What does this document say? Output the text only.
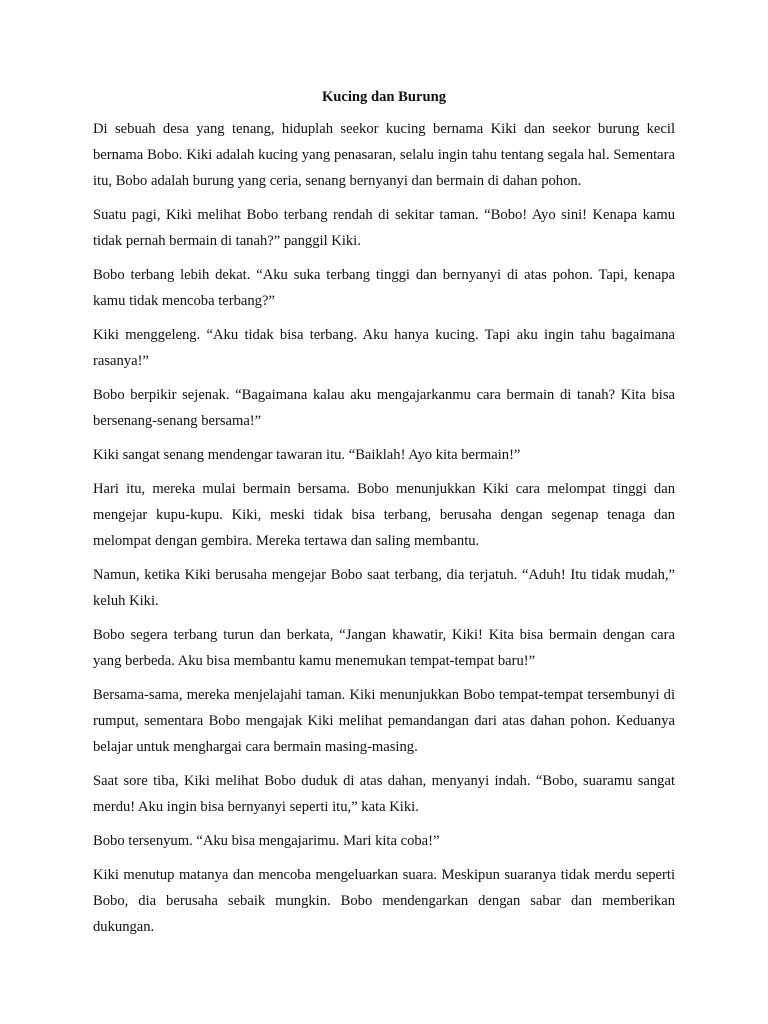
Kucing dan Burung

Di sebuah desa yang tenang, hiduplah seekor kucing bernama Kiki dan seekor burung kecil bernama Bobo. Kiki adalah kucing yang penasaran, selalu ingin tahu tentang segala hal. Sementara itu, Bobo adalah burung yang ceria, senang bernyanyi dan bermain di dahan pohon.

Suatu pagi, Kiki melihat Bobo terbang rendah di sekitar taman. “Bobo! Ayo sini! Kenapa kamu tidak pernah bermain di tanah?” panggil Kiki.

Bobo terbang lebih dekat. “Aku suka terbang tinggi dan bernyanyi di atas pohon. Tapi, kenapa kamu tidak mencoba terbang?”

Kiki menggeleng. “Aku tidak bisa terbang. Aku hanya kucing. Tapi aku ingin tahu bagaimana rasanya!”

Bobo berpikir sejenak. “Bagaimana kalau aku mengajarkanmu cara bermain di tanah? Kita bisa bersenang-senang bersama!”

Kiki sangat senang mendengar tawaran itu. “Baiklah! Ayo kita bermain!”

Hari itu, mereka mulai bermain bersama. Bobo menunjukkan Kiki cara melompat tinggi dan mengejar kupu-kupu. Kiki, meski tidak bisa terbang, berusaha dengan segenap tenaga dan melompat dengan gembira. Mereka tertawa dan saling membantu.

Namun, ketika Kiki berusaha mengejar Bobo saat terbang, dia terjatuh. “Aduh! Itu tidak mudah,” keluh Kiki.

Bobo segera terbang turun dan berkata, “Jangan khawatir, Kiki! Kita bisa bermain dengan cara yang berbeda. Aku bisa membantu kamu menemukan tempat-tempat baru!”

Bersama-sama, mereka menjelajahi taman. Kiki menunjukkan Bobo tempat-tempat tersembunyi di rumput, sementara Bobo mengajak Kiki melihat pemandangan dari atas dahan pohon. Keduanya belajar untuk menghargai cara bermain masing-masing.

Saat sore tiba, Kiki melihat Bobo duduk di atas dahan, menyanyi indah. “Bobo, suaramu sangat merdu! Aku ingin bisa bernyanyi seperti itu,” kata Kiki.

Bobo tersenyum. “Aku bisa mengajarimu. Mari kita coba!”

Kiki menutup matanya dan mencoba mengeluarkan suara. Meskipun suaranya tidak merdu seperti Bobo, dia berusaha sebaik mungkin. Bobo mendengarkan dengan sabar dan memberikan dukungan.
